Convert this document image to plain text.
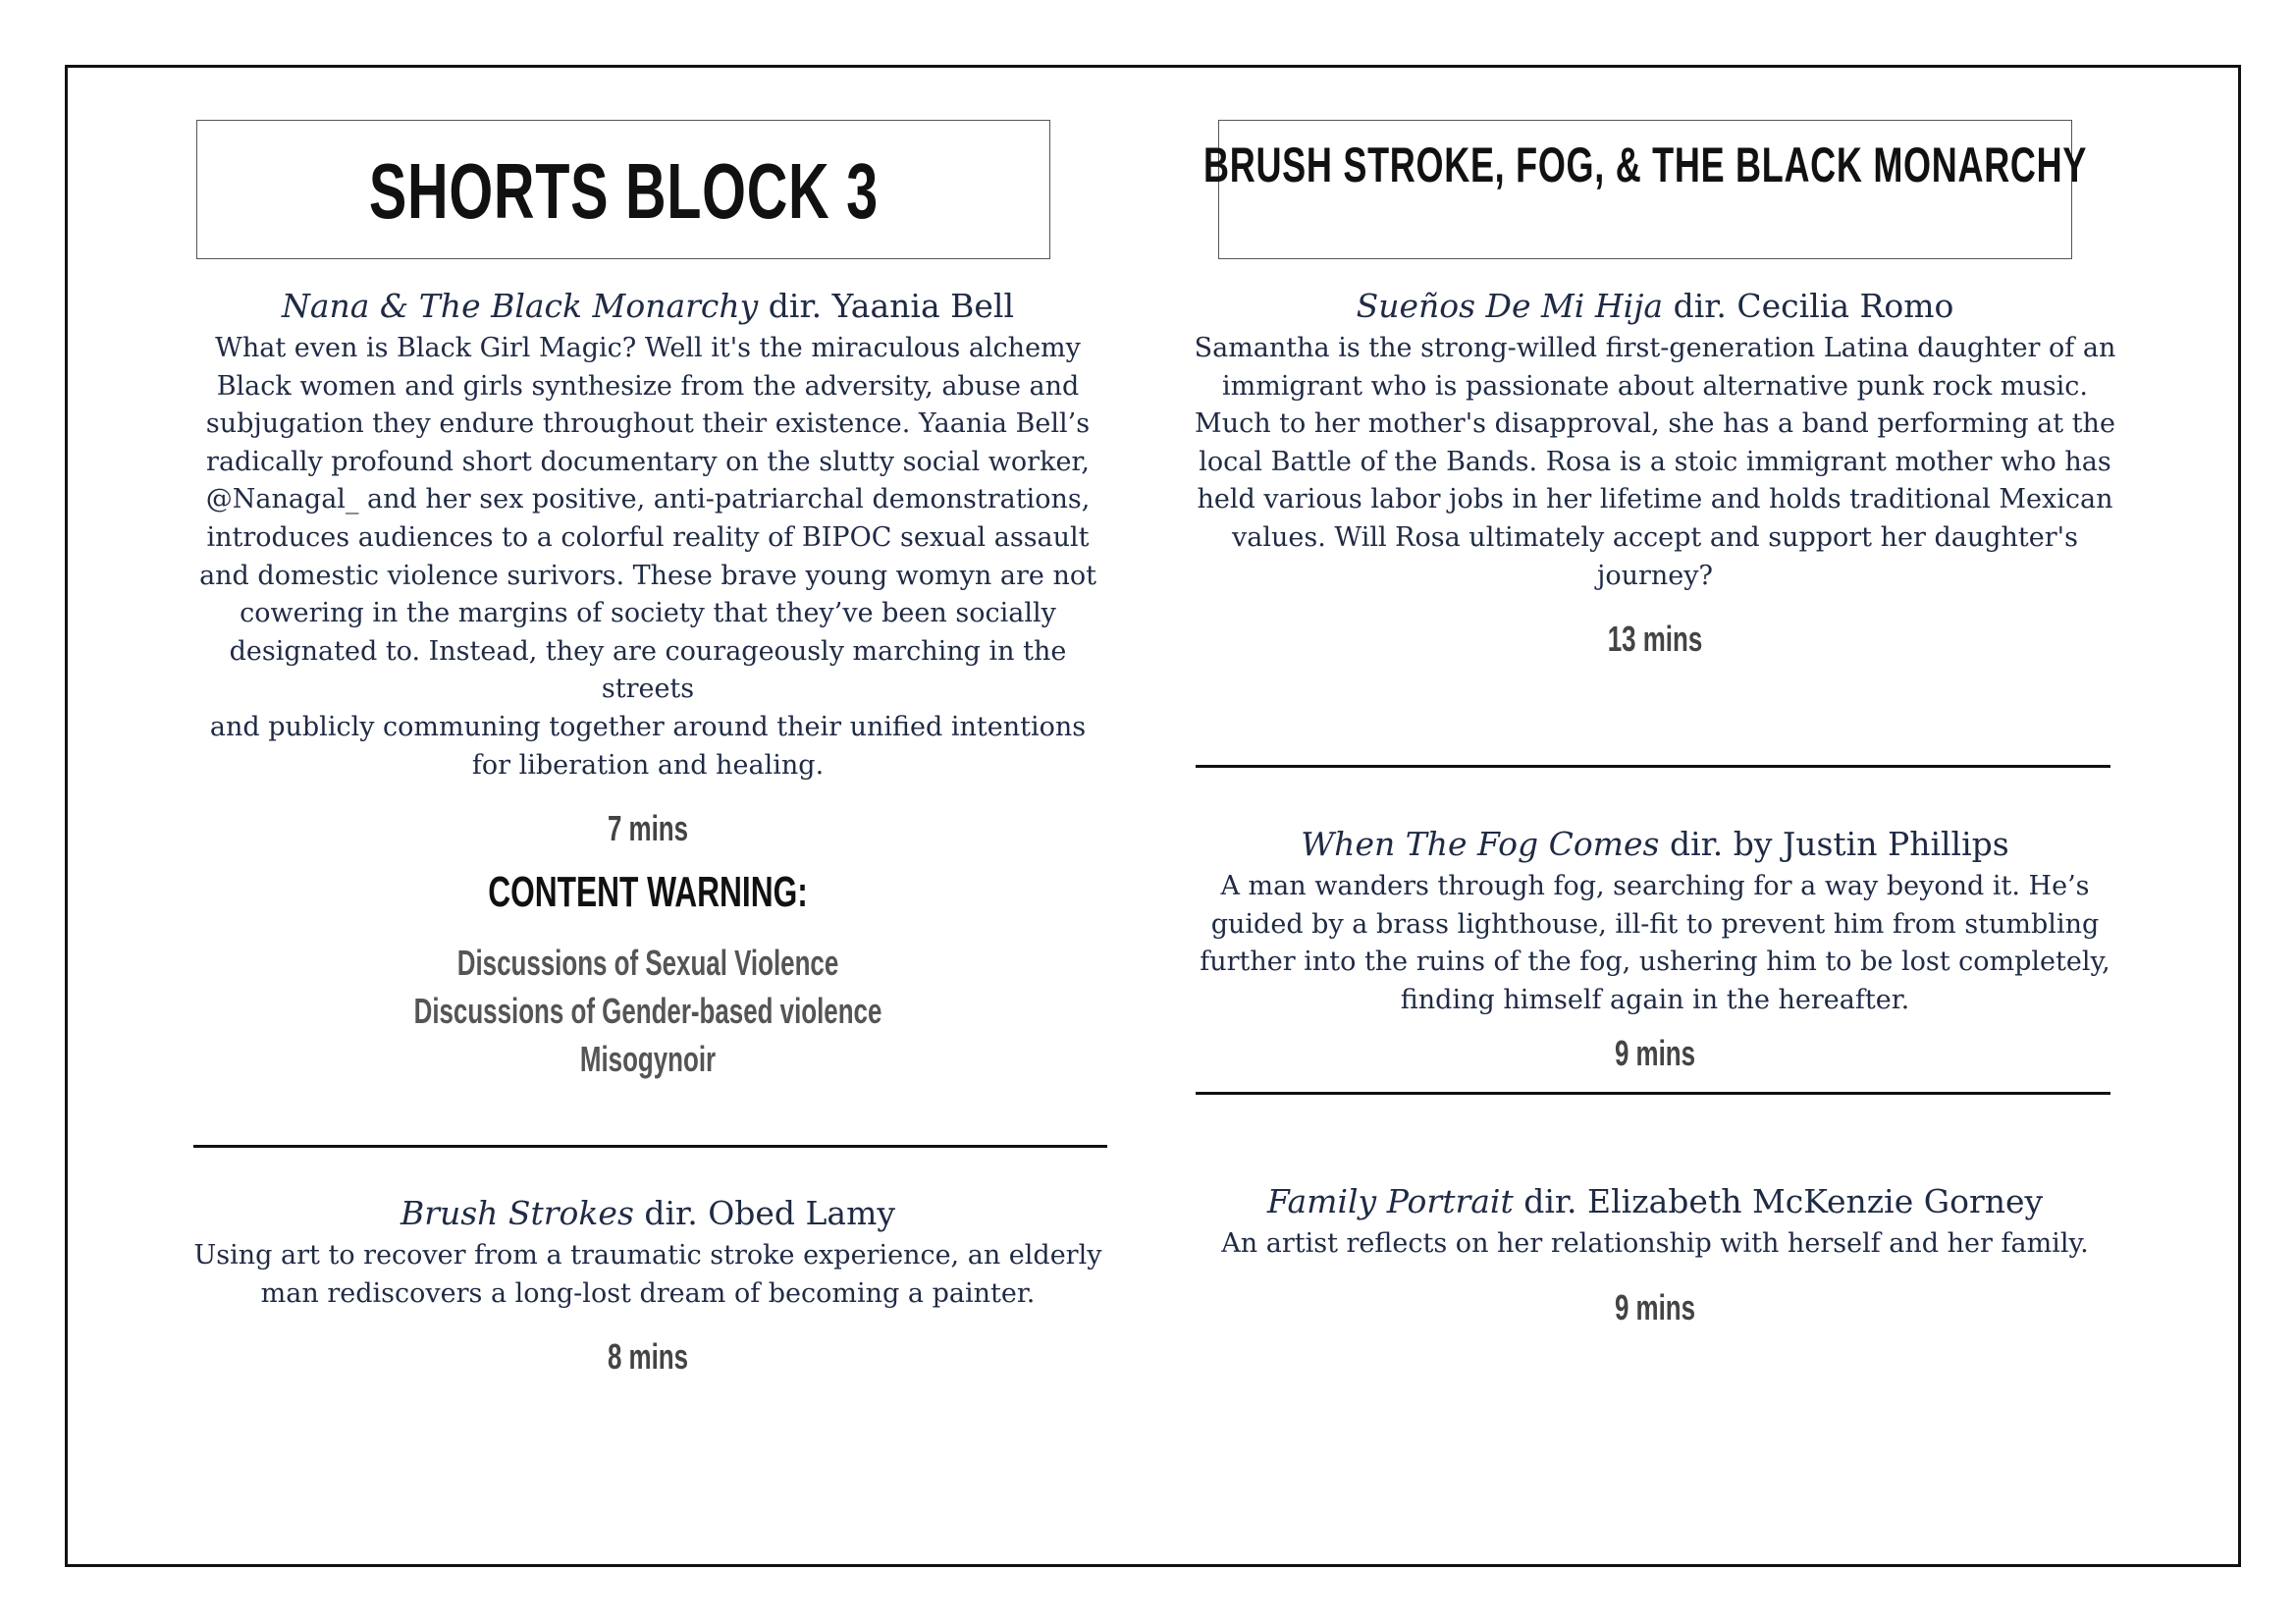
SHORTS BLOCK 3
Nana & The Black Monarchy dir. Yaania Bell
What even is Black Girl Magic? Well it's the miraculous alchemy
Black women and girls synthesize from the adversity, abuse and
subjugation they endure throughout their existence. Yaania Bell’s
radically profound short documentary on the slutty social worker,
@Nanagal_ and her sex positive, anti-patriarchal demonstrations,
introduces audiences to a colorful reality of BIPOC sexual assault
and domestic violence surivors. These brave young womyn are not
cowering in the margins of society that they’ve been socially
designated to. Instead, they are courageously marching in the streets
and publicly communing together around their unified intentions
for liberation and healing.
7 mins
CONTENT WARNING:
Discussions of Sexual Violence
Discussions of Gender-based violence
Misogynoir
Brush Strokes dir. Obed Lamy
Using art to recover from a traumatic stroke experience, an elderly
man rediscovers a long-lost dream of becoming a painter.
8 mins
BRUSH STROKE, FOG, & THE BLACK MONARCHY
Sueños De Mi Hija dir. Cecilia Romo
Samantha is the strong-willed first-generation Latina daughter of an
immigrant who is passionate about alternative punk rock music.
Much to her mother's disapproval, she has a band performing at the
local Battle of the Bands. Rosa is a stoic immigrant mother who has
held various labor jobs in her lifetime and holds traditional Mexican
values. Will Rosa ultimately accept and support her daughter's
journey?
13 mins
When The Fog Comes dir. by Justin Phillips
A man wanders through fog, searching for a way beyond it. He’s
guided by a brass lighthouse, ill-fit to prevent him from stumbling
further into the ruins of the fog, ushering him to be lost completely,
finding himself again in the hereafter.
9 mins
Family Portrait dir. Elizabeth McKenzie Gorney
An artist reflects on her relationship with herself and her family.
9 mins
